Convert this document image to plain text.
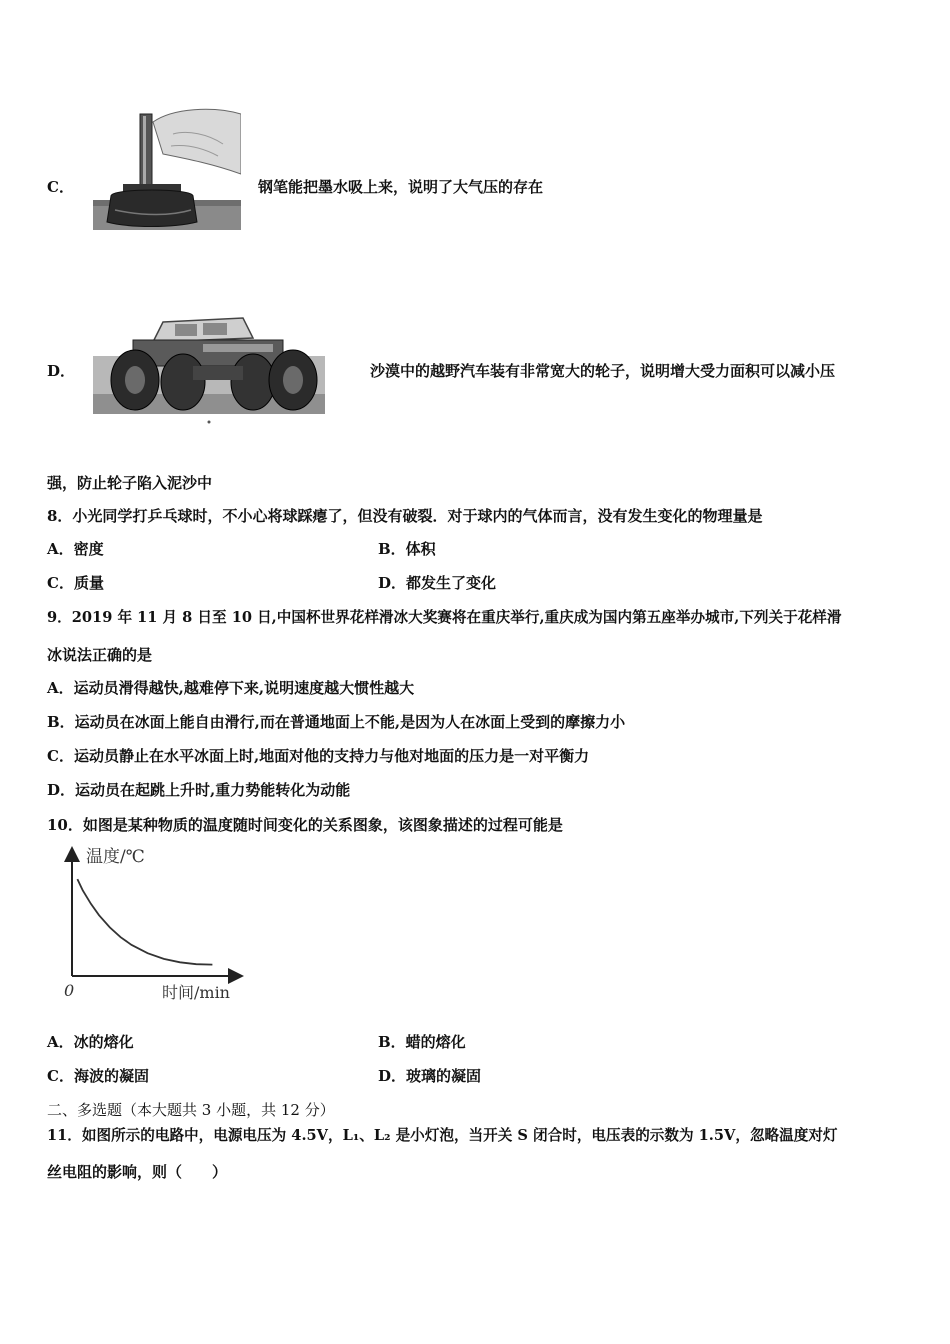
C．	钢笔能把墨水吸上来，说明了大气压的存在
D．	沙漠中的越野汽车装有非常宽大的轮子，说明增大受力面积可以减小压
强，防止轮子陷入泥沙中
8．小光同学打乒乓球时，不小心将球踩瘪了，但没有破裂．对于球内的气体而言，没有发生变化的物理量是
A．密度	B．体积
C．质量	D．都发生了变化
9．2019 年 11 月 8 日至 10 日,中国杯世界花样滑冰大奖赛将在重庆举行,重庆成为国内第五座举办城市,下列关于花样滑
冰说法正确的是
A．运动员滑得越快,越难停下来,说明速度越大惯性越大
B．运动员在冰面上能自由滑行,而在普通地面上不能,是因为人在冰面上受到的摩擦力小
C．运动员静止在水平冰面上时,地面对他的支持力与他对地面的压力是一对平衡力
D．运动员在起跳上升时,重力势能转化为动能
10．如图是某种物质的温度随时间变化的关系图象，该图象描述的过程可能是
温度/℃
时间/min
0
A．冰的熔化	B．蜡的熔化
C．海波的凝固	D．玻璃的凝固
二、多选题（本大题共 3 小题，共 12 分）
11．如图所示的电路中，电源电压为 4.5V，L₁、L₂ 是小灯泡，当开关 S 闭合时，电压表的示数为 1.5V，忽略温度对灯
丝电阻的影响，则（　　）
